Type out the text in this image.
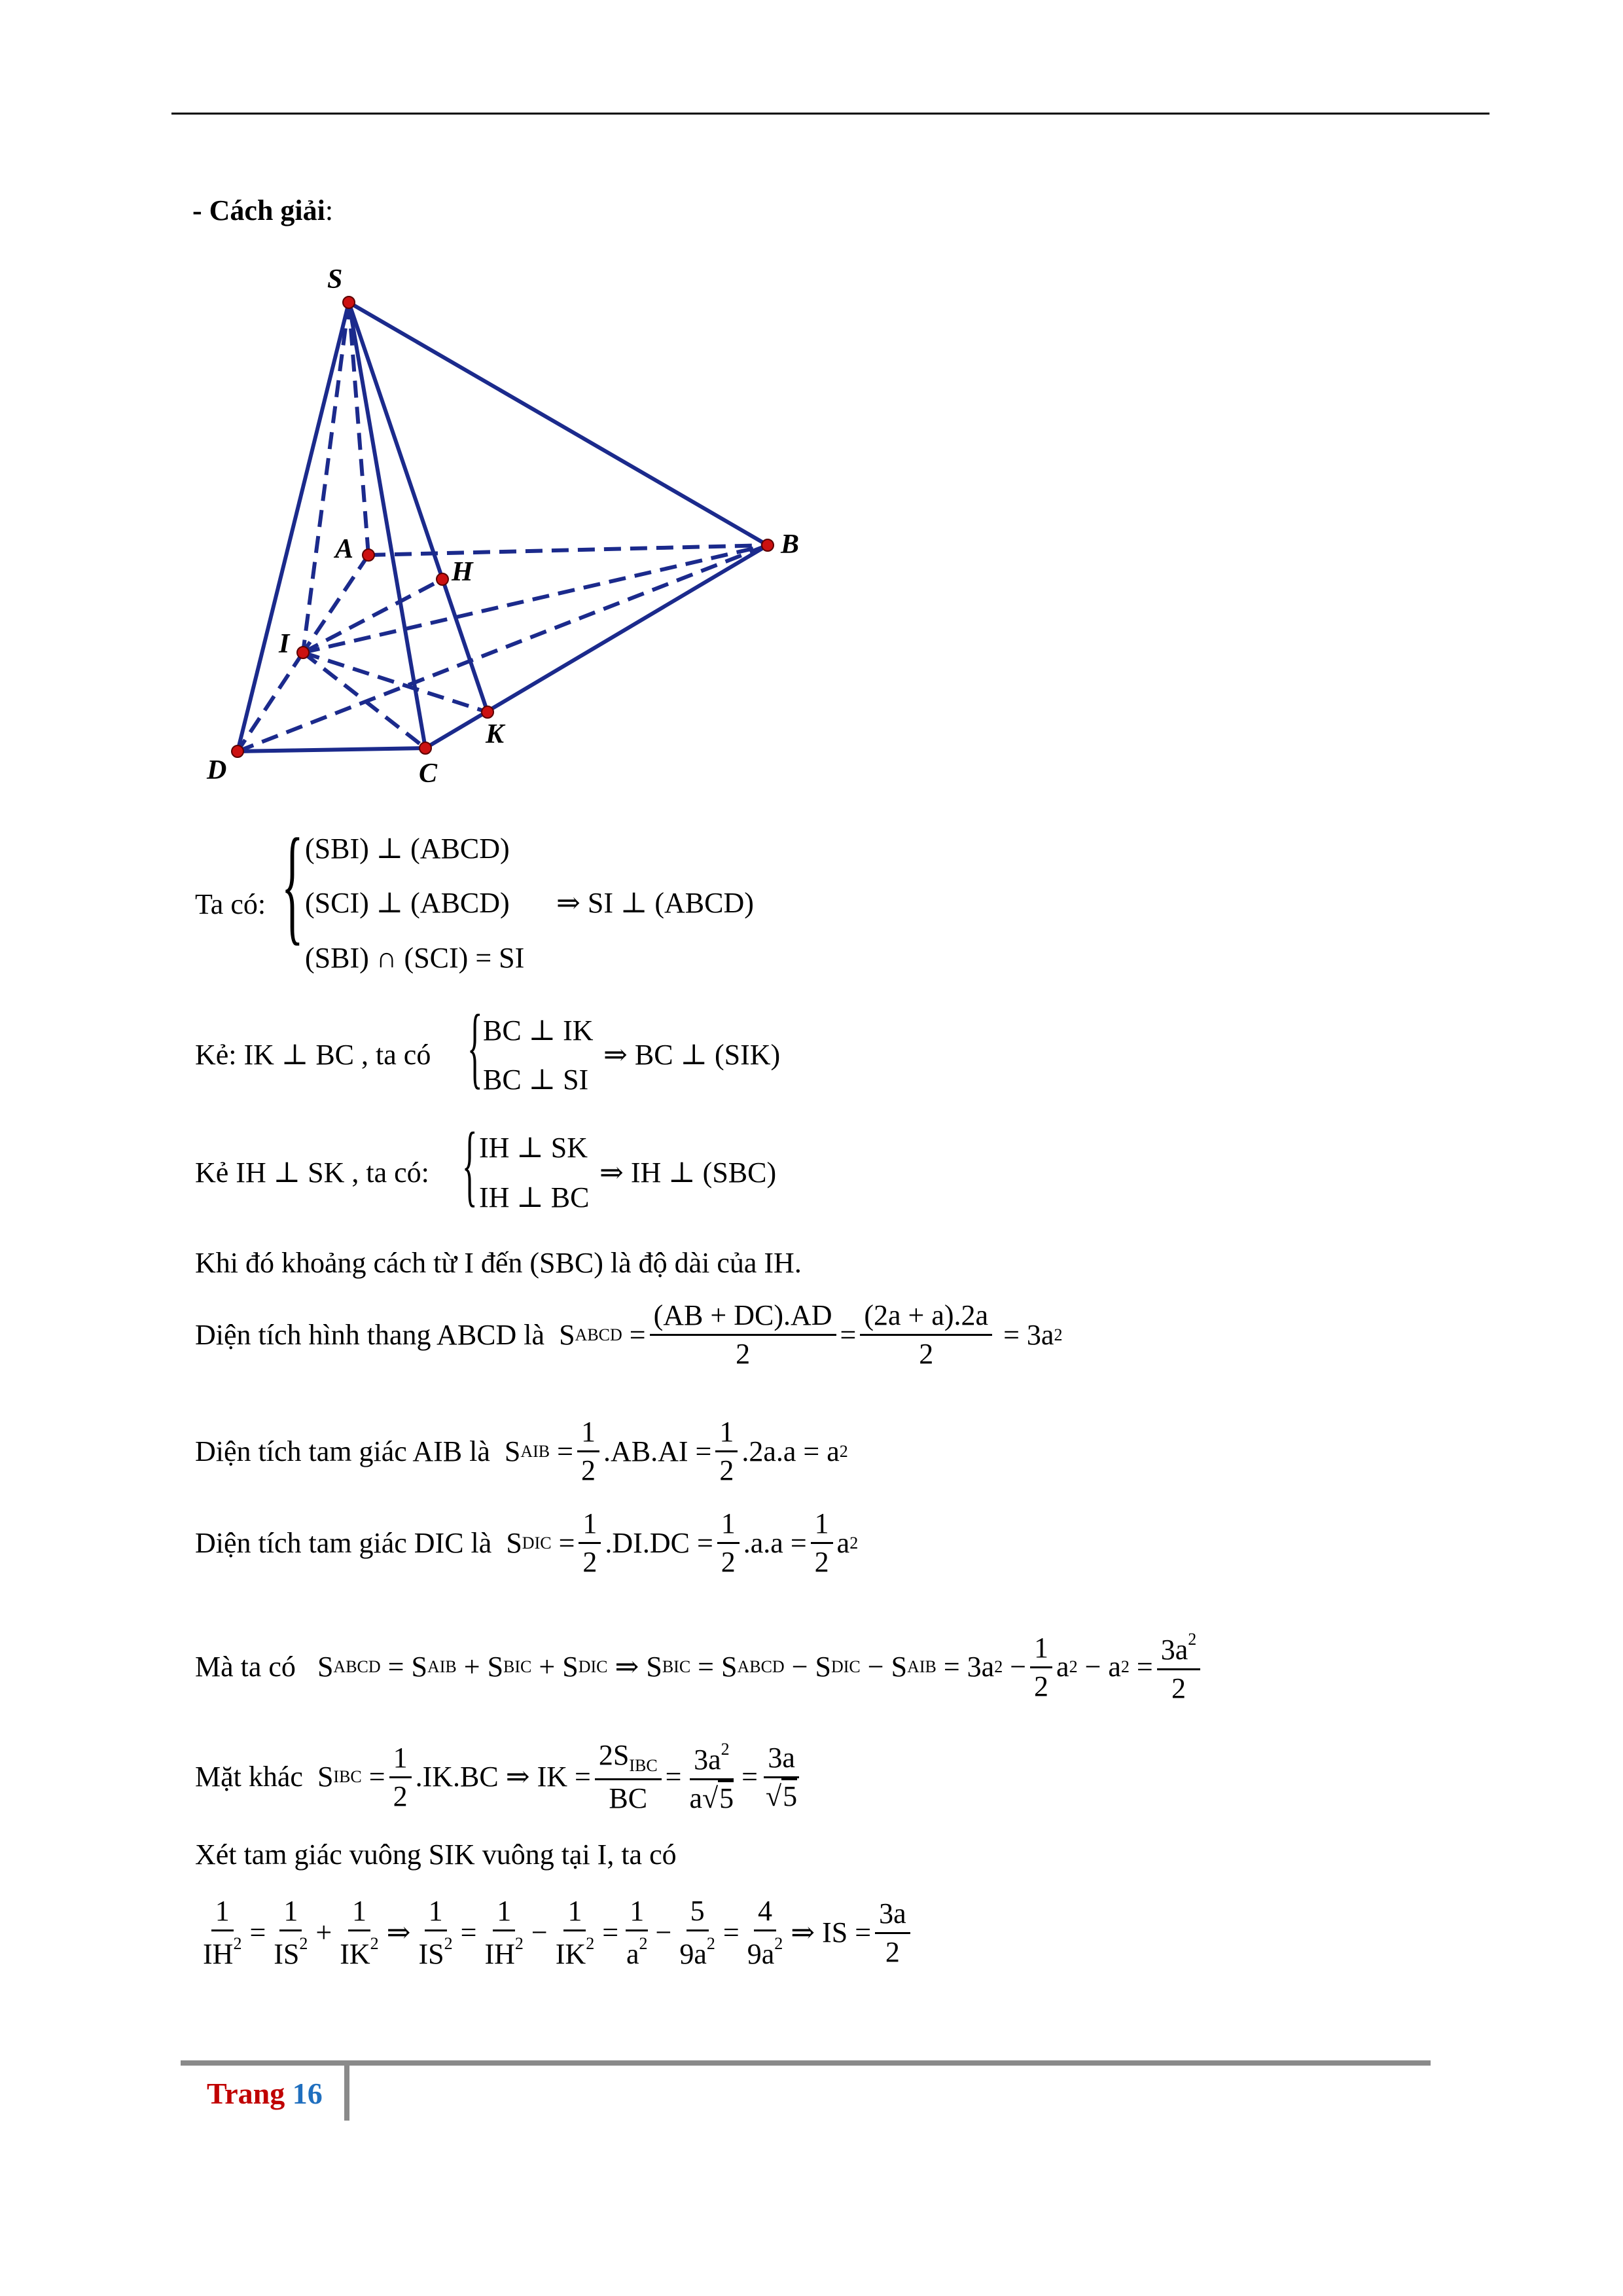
- Cách giải:
S
A	B
H
I
K
D	C
Ta có: { (SBI) ⊥ (ABCD)
(SCI) ⊥ (ABCD)
(SBI) ∩ (SCI) = SI
⇒ SI ⊥ (ABCD)
Kẻ: IK ⊥ BC , ta có { BC ⊥ IK
BC ⊥ SI
⇒ BC ⊥ (SIK)
Kẻ IH ⊥ SK , ta có: { IH ⊥ SK
IH ⊥ BC
⇒ IH ⊥ (SBC)
Khi đó khoảng cách từ I đến (SBC) là độ dài của IH.
Diện tích hình thang ABCD là
S ABCD
= $\frac{(AB + DC).AD}{2} = \frac{(2a + a).2a}{2}$
= 3a 2
Diện tích tam giác AIB là
S AIB = $\frac{1}{2} .AB.AI = \frac{1}{2} .2a.a = a$ 2
Diện tích tam giác DIC là
S DIC = $\frac{1}{2} .DI.DC = \frac{1}{2} .a.a = \frac{1}{2}$ a 2
Mà ta có S ABCD = S AIB + S BIC + S DIC ⇒ S BIC = S ABCD − S DIC − S AIB
= 3a $2 - \frac{1}{2}$ a 2
− a $2 = \frac{3a^2}{2}$
Mặt khác
S IBC = $\frac{1}{2} .IK.BC$ ⇒ IK = $\frac{2S_{IBC}}{BC} = \frac{3a^2}{a√5} = \frac{3a}{√5}$
Xét tam giác vuông SIK vuông tại I, ta có
$\frac{1}{IH^2} = \frac{1}{IS^2} + \frac{1}{IK^2}$ ⇒ $\frac{1}{IS^2} = \frac{1}{IH^2} - \frac{1}{IK^2} = \frac{1}{a^2} - \frac{5}{9a^2} = \frac{4}{9a^2}$ ⇒ IS = $\frac{3a}{2}$
Trang 16
